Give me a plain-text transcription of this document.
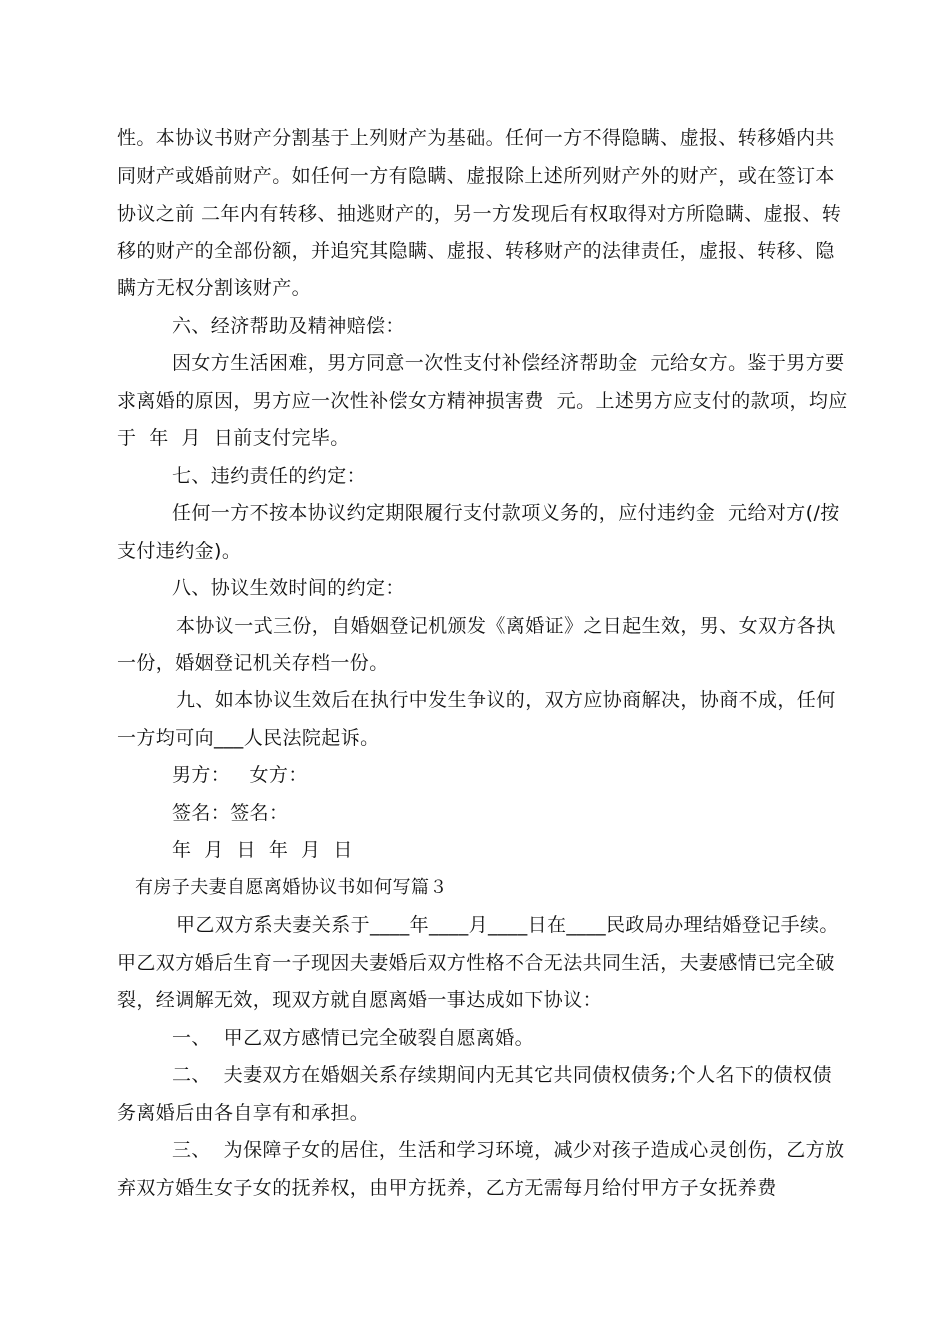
性。本协议书财产分割基于上列财产为基础。任何一方不得隐瞒、虚报、转移婚内共
同财产或婚前财产。如任何一方有隐瞒、虚报除上述所列财产外的财产，或在签订本
协议之前 二年内有转移、抽逃财产的，另一方发现后有权取得对方所隐瞒、虚报、转
移的财产的全部份额，并追究其隐瞒、虚报、转移财产的法律责任，虚报、转移、隐
瞒方无权分割该财产。
六、经济帮助及精神赔偿：
因女方生活困难，男方同意一次性支付补偿经济帮助金  元给女方。鉴于男方要
求离婚的原因，男方应一次性补偿女方精神损害费  元。上述男方应支付的款项，均应
于  年  月  日前支付完毕。
七、违约责任的约定：
任何一方不按本协议约定期限履行支付款项义务的，应付违约金  元给对方(/按
支付违约金)。
八、协议生效时间的约定：
本协议一式三份，自婚姻登记机颁发《离婚证》之日起生效，男、女双方各执
一份，婚姻登记机关存档一份。
九、如本协议生效后在执行中发生争议的，双方应协商解决，协商不成，任何
一方均可向___人民法院起诉。
男方：   女方：
签名：签名：
年  月  日  年  月  日
有房子夫妻自愿离婚协议书如何写篇３
甲乙双方系夫妻关系于____年____月____日在____民政局办理结婚登记手续。
甲乙双方婚后生育一子现因夫妻婚后双方性格不合无法共同生活，夫妻感情已完全破
裂，经调解无效，现双方就自愿离婚一事达成如下协议：
一、  甲乙双方感情已完全破裂自愿离婚。
二、  夫妻双方在婚姻关系存续期间内无其它共同债权债务;个人名下的债权债
务离婚后由各自享有和承担。
三、  为保障子女的居住，生活和学习环境，减少对孩子造成心灵创伤，乙方放
弃双方婚生女子女的抚养权，由甲方抚养，乙方无需每月给付甲方子女抚养费
